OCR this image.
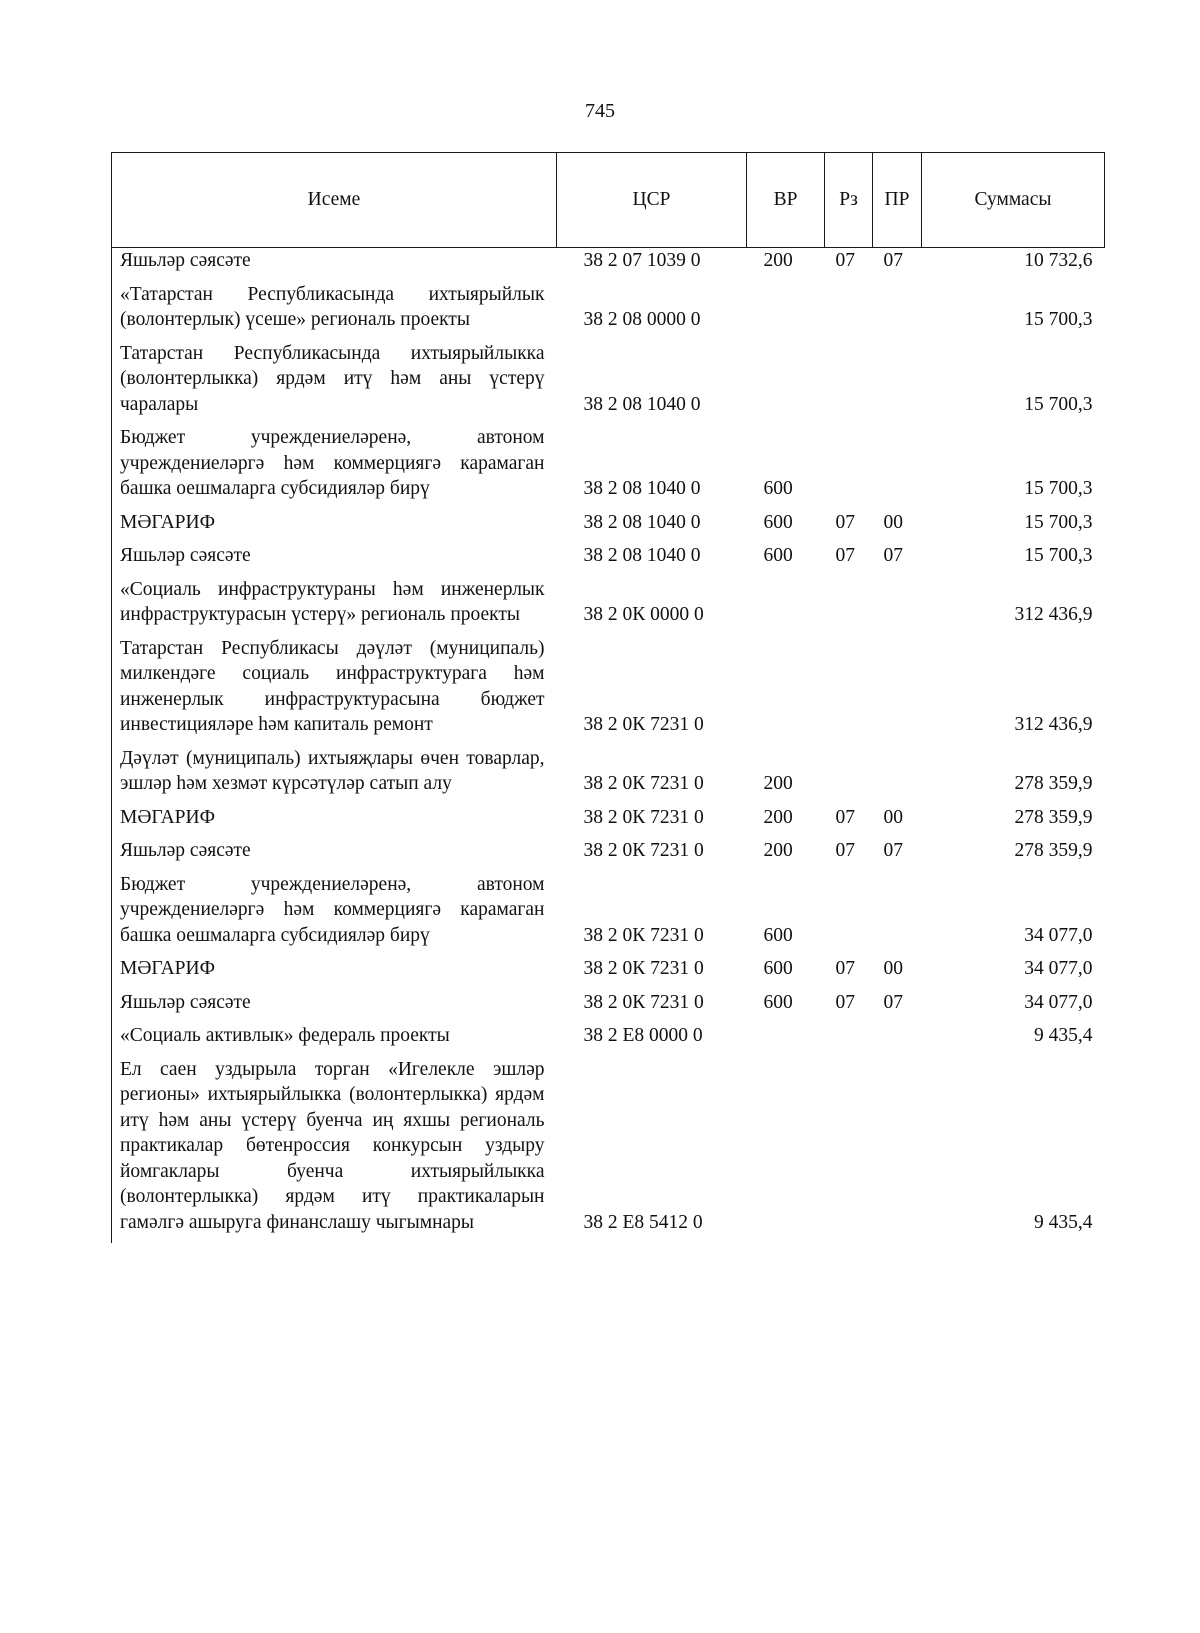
745
Исеме	ЦСР	ВР	Рз	ПР	Суммасы
Яшьләр сәясәте	38 2 07 1039 0	200	07	07	10 732,6
«Татарстан Республикасында ихтыярыйлык (волонтерлык) үсеше» региональ проекты	38 2 08 0000 0				15 700,3
Татарстан Республикасында ихтыярыйлыкка (волонтерлыкка) ярдәм итү һәм аны үстерү чаралары	38 2 08 1040 0				15 700,3
Бюджет учреждениеләренә, автоном учреждениеләргә һәм коммерциягә карамаган башка оешмаларга субсидияләр бирү	38 2 08 1040 0	600			15 700,3
МӘГАРИФ	38 2 08 1040 0	600	07	00	15 700,3
Яшьләр сәясәте	38 2 08 1040 0	600	07	07	15 700,3
«Социаль инфраструктураны һәм инженерлык инфраструктурасын үстерү» региональ проекты	38 2 0К 0000 0				312 436,9
Татарстан Республикасы дәүләт (муниципаль) милкендәге социаль инфраструктурага һәм инженерлык инфраструктурасына бюджет инвестицияләре һәм капиталь ремонт	38 2 0К 7231 0				312 436,9
Дәүләт (муниципаль) ихтыяҗлары өчен товарлар, эшләр һәм хезмәт күрсәтүләр сатып алу	38 2 0К 7231 0	200			278 359,9
МӘГАРИФ	38 2 0К 7231 0	200	07	00	278 359,9
Яшьләр сәясәте	38 2 0К 7231 0	200	07	07	278 359,9
Бюджет учреждениеләренә, автоном учреждениеләргә һәм коммерциягә карамаган башка оешмаларга субсидияләр бирү	38 2 0К 7231 0	600			34 077,0
МӘГАРИФ	38 2 0К 7231 0	600	07	00	34 077,0
Яшьләр сәясәте	38 2 0К 7231 0	600	07	07	34 077,0
«Социаль активлык» федераль проекты	38 2 Е8 0000 0				9 435,4
Ел саен уздырыла торган «Игелекле эшләр регионы» ихтыярыйлыкка (волонтерлыкка) ярдәм итү һәм аны үстерү буенча иң яхшы региональ практикалар бөтенроссия конкурсын уздыру йомгаклары буенча ихтыярыйлыкка (волонтерлыкка) ярдәм итү практикаларын гамәлгә ашыруга финанслашу чыгымнары	38 2 Е8 5412 0				9 435,4
